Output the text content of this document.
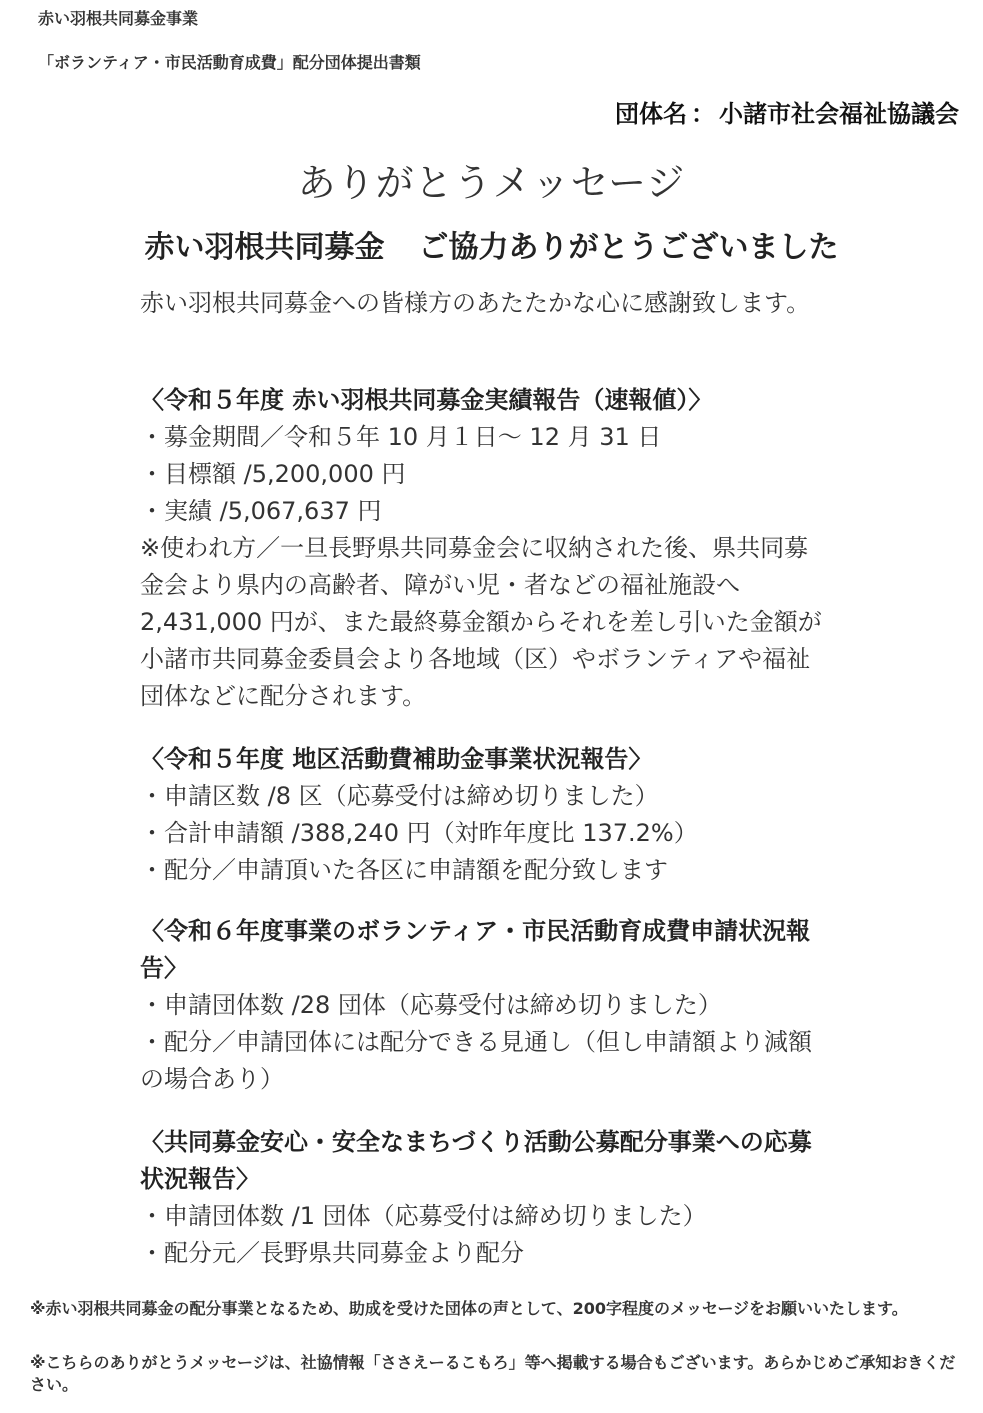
赤い羽根共同募金事業
「ボランティア・市民活動育成費」配分団体提出書類
団体名 ： 小諸市社会福祉協議会
ありがとうメッセージ
赤い羽根共同募金 ご協力ありがとうございました
赤い羽根共同募金への皆様方のあたたかな心に感謝致します。
〈令和５年度 赤い羽根共同募金実績報告（速報値）〉
・募金期間／令和５年 10 月１日～ 12 月 31 日
・目標額 /5,200,000 円
・実績 /5,067,637 円
※使われ方／一旦長野県共同募金会に収納された後、県共同募金会より県内の高齢者、障がい児・者などの福祉施設へ 2,431,000 円が、また最終募金額からそれを差し引いた金額が小諸市共同募金委員会より各地域（区）やボランティアや福祉団体などに配分されます。
〈令和５年度 地区活動費補助金事業状況報告〉
・申請区数 /8 区（応募受付は締め切りました）
・合計申請額 /388,240 円（対昨年度比 137.2%）
・配分／申請頂いた各区に申請額を配分致します
〈令和６年度事業のボランティア・市民活動育成費申請状況報告〉
・申請団体数 /28 団体（応募受付は締め切りました）
・配分／申請団体には配分できる見通し（但し申請額より減額の場合あり）
〈共同募金安心・安全なまちづくり活動公募配分事業への応募状況報告〉
・申請団体数 /1 団体（応募受付は締め切りました）
・配分元／長野県共同募金より配分
※赤い羽根共同募金の配分事業となるため、助成を受けた団体の声として、200字程度のメッセージをお願いいたします。
※こちらのありがとうメッセージは、社協情報「ささえーるこもろ」等へ掲載する場合もございます。あらかじめご承知おきください。
